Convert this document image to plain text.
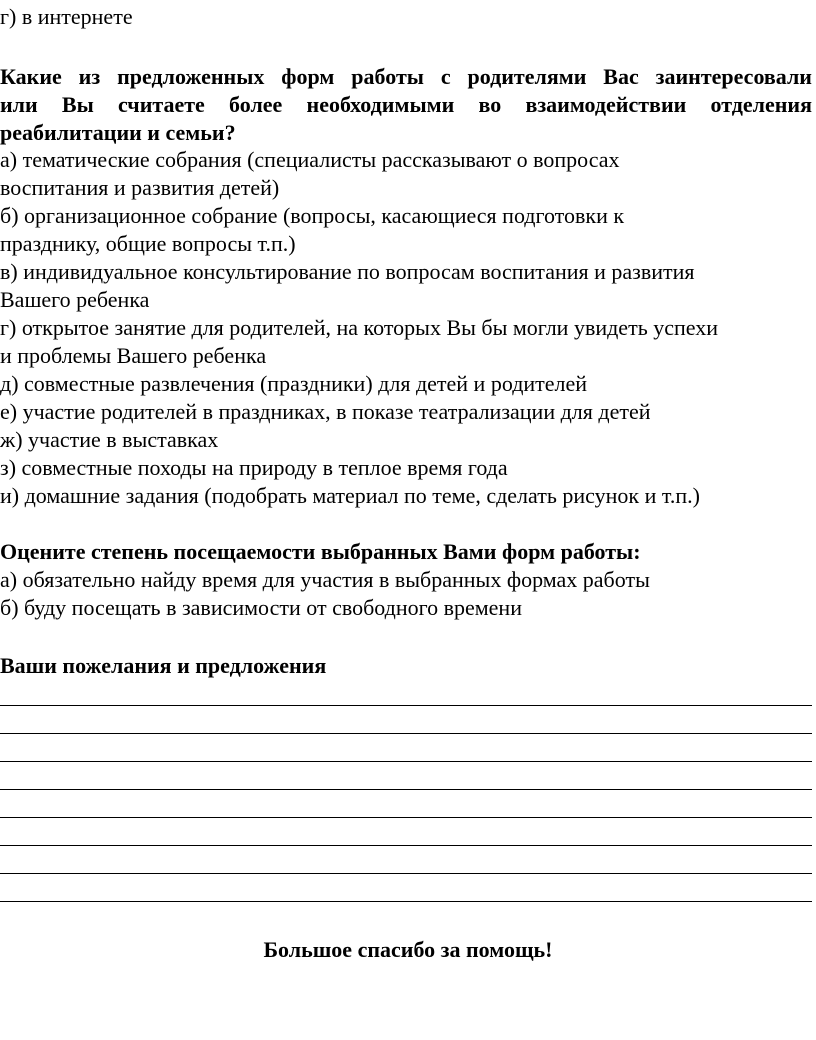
г) в интернете
Какие из предложенных форм работы с родителями Вас заинтересовали
или Вы считаете более необходимыми во взаимодействии отделения
реабилитации и семьи?
а) тематические собрания (специалисты рассказывают о вопросах
воспитания и развития детей)
б) организационное собрание (вопросы, касающиеся подготовки к
празднику, общие вопросы т.п.)
в) индивидуальное консультирование по вопросам воспитания и развития
Вашего ребенка
г) открытое занятие для родителей, на которых Вы бы могли увидеть успехи
и проблемы Вашего ребенка
д) совместные развлечения (праздники) для детей и родителей
е) участие родителей в праздниках, в показе театрализации для детей
ж) участие в выставках
з) совместные походы на природу в теплое время года
и) домашние задания (подобрать материал по теме, сделать рисунок и т.п.)
Оцените степень посещаемости выбранных Вами форм работы:
а) обязательно найду время для участия в выбранных формах работы
б) буду посещать в зависимости от свободного времени
Ваши пожелания и предложения
Большое спасибо за помощь!
